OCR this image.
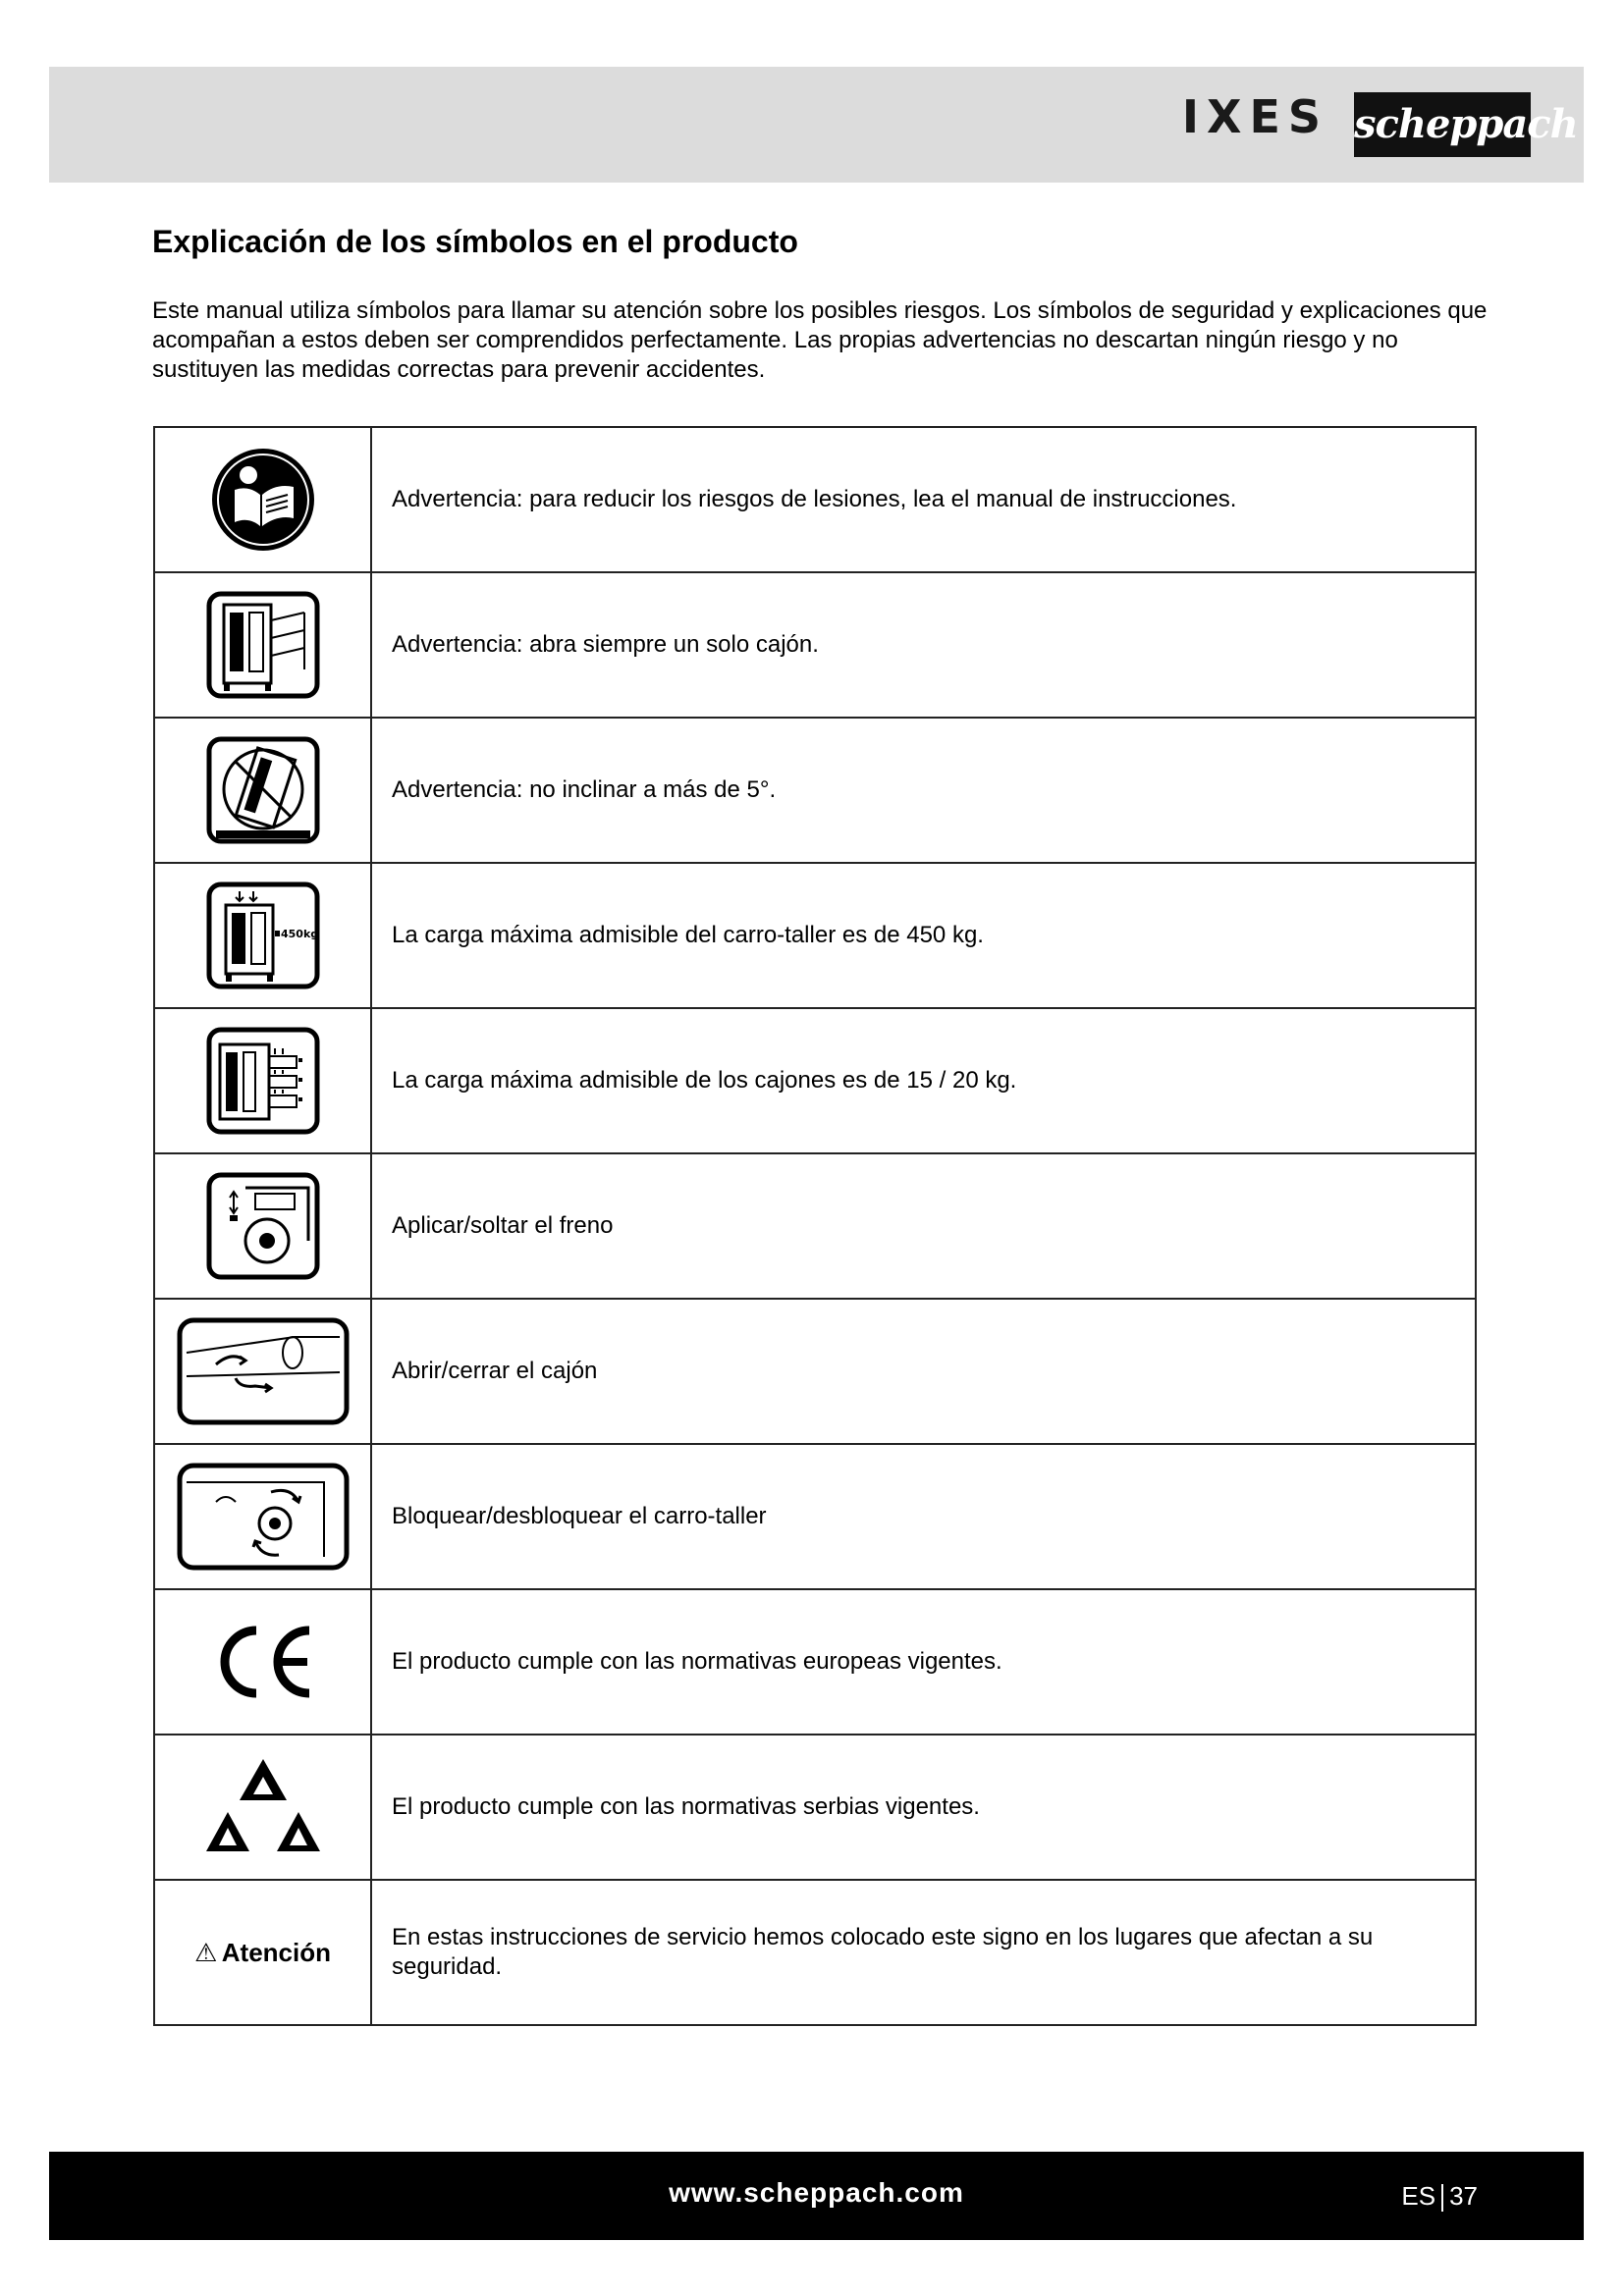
IXES scheppach
Explicación de los símbolos en el producto

Este manual utiliza símbolos para llamar su atención sobre los posibles riesgos. Los símbolos de seguridad y explicaciones que acompañan a estos deben ser comprendidos perfectamente. Las propias advertencias no descartan ningún riesgo y no sustituyen las medidas correctas para prevenir accidentes.

	Advertencia: para reducir los riesgos de lesiones, lea el manual de instrucciones.

	Advertencia: abra siempre un solo cajón.

	Advertencia: no inclinar a más de 5°.

450kg	La carga máxima admisible del carro-taller es de 450 kg.

	La carga máxima admisible de los cajones es de 15 / 20 kg.

	Aplicar/soltar el freno

	Abrir/cerrar el cajón

	Bloquear/desbloquear el carro-taller

	El producto cumple con las normativas europeas vigentes.

	El producto cumple con las normativas serbias vigentes.
⚠ Atención	En estas instrucciones de servicio hemos colocado este signo en los lugares que afectan a su seguridad.
www.scheppach.com	ES 37
